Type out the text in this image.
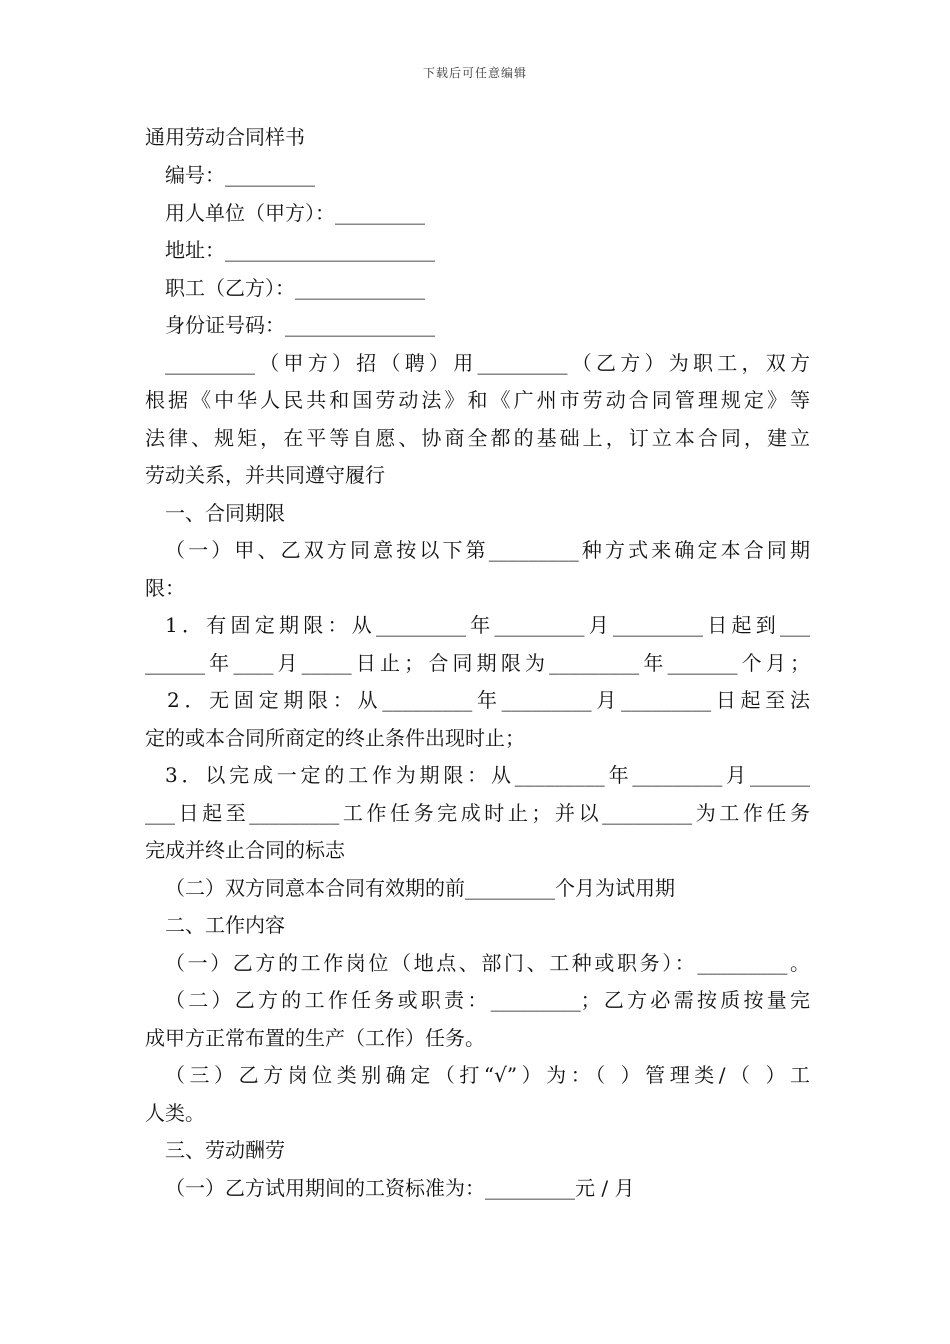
下载后可任意编辑
通用劳动合同样书
编号：_________
用人单位（甲方）：_________
地址：_____________________
职工（乙方）：_____________
身份证号码：_______________
_________（甲方）招（聘）用_________（乙方）为职工，双方
根据《中华人民共和国劳动法》和《广州市劳动合同管理规定》等
法律、规矩，在平等自愿、协商全都的基础上，订立本合同，建立
劳动关系，并共同遵守履行
一、合同期限
（一）甲、乙双方同意按以下第_________种方式来确定本合同期
限：
1．有固定期限：从_________年_________月_________日起到___
______年____月_____日止；合同期限为_________年_______个月；
2．无固定期限：从_________年_________月_________日起至法
定的或本合同所商定的终止条件出现时止；
3．以完成一定的工作为期限：从_________年_________月______
___日起至_________工作任务完成时止；并以_________为工作任务
完成并终止合同的标志
（二）双方同意本合同有效期的前_________个月为试用期
二、工作内容
（一）乙方的工作岗位（地点、部门、工种或职务）：_________。
（二）乙方的工作任务或职责：_________；乙方必需按质按量完
成甲方正常布置的生产（工作）任务。
（三）乙方岗位类别确定（打“√”）为：（ ）管理类/（ ）工
人类。
三、劳动酬劳
（一）乙方试用期间的工资标准为：_________元 / 月
